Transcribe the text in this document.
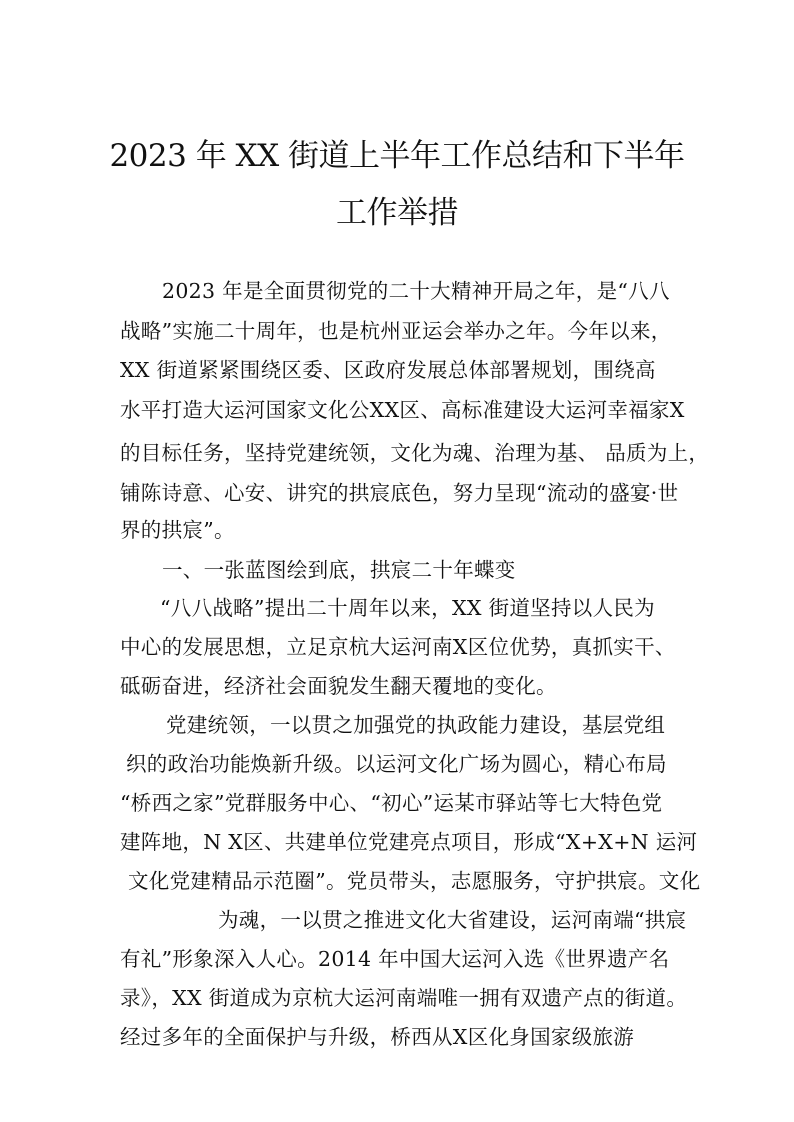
2023 年 XX 街道上半年工作总结和下半年
工作举措
2023 年是全面贯彻党的二十大精神开局之年，是“八八
战略”实施二十周年，也是杭州亚运会举办之年。今年以来，
XX 街道紧紧围绕区委、区政府发展总体部署规划，围绕高
水平打造大运河国家文化公XX区、高标准建设大运河幸福家X
的目标任务，坚持党建统领，文化为魂、治理为基、 品质为上，
铺陈诗意、心安、讲究的拱宸底色，努力呈现“流动的盛宴·世
界的拱宸”。
一、一张蓝图绘到底，拱宸二十年蝶变
“八八战略”提出二十周年以来，XX 街道坚持以人民为
中心的发展思想，立足京杭大运河南X区位优势，真抓实干、
砥砺奋进，经济社会面貌发生翻天覆地的变化。
党建统领，一以贯之加强党的执政能力建设，基层党组
织的政治功能焕新升级。以运河文化广场为圆心，精心布局
“桥西之家”党群服务中心、“初心”运某市驿站等七大特色党
建阵地，N X区、共建单位党建亮点项目，形成“X+X+N 运河
文化党建精品示范圈”。党员带头，志愿服务，守护拱宸。文化
为魂，一以贯之推进文化大省建设，运河南端“拱宸
有礼”形象深入人心。2014 年中国大运河入选《世界遗产名
录》，XX 街道成为京杭大运河南端唯一拥有双遗产点的街道。
经过多年的全面保护与升级，桥西从X区化身国家级旅游
